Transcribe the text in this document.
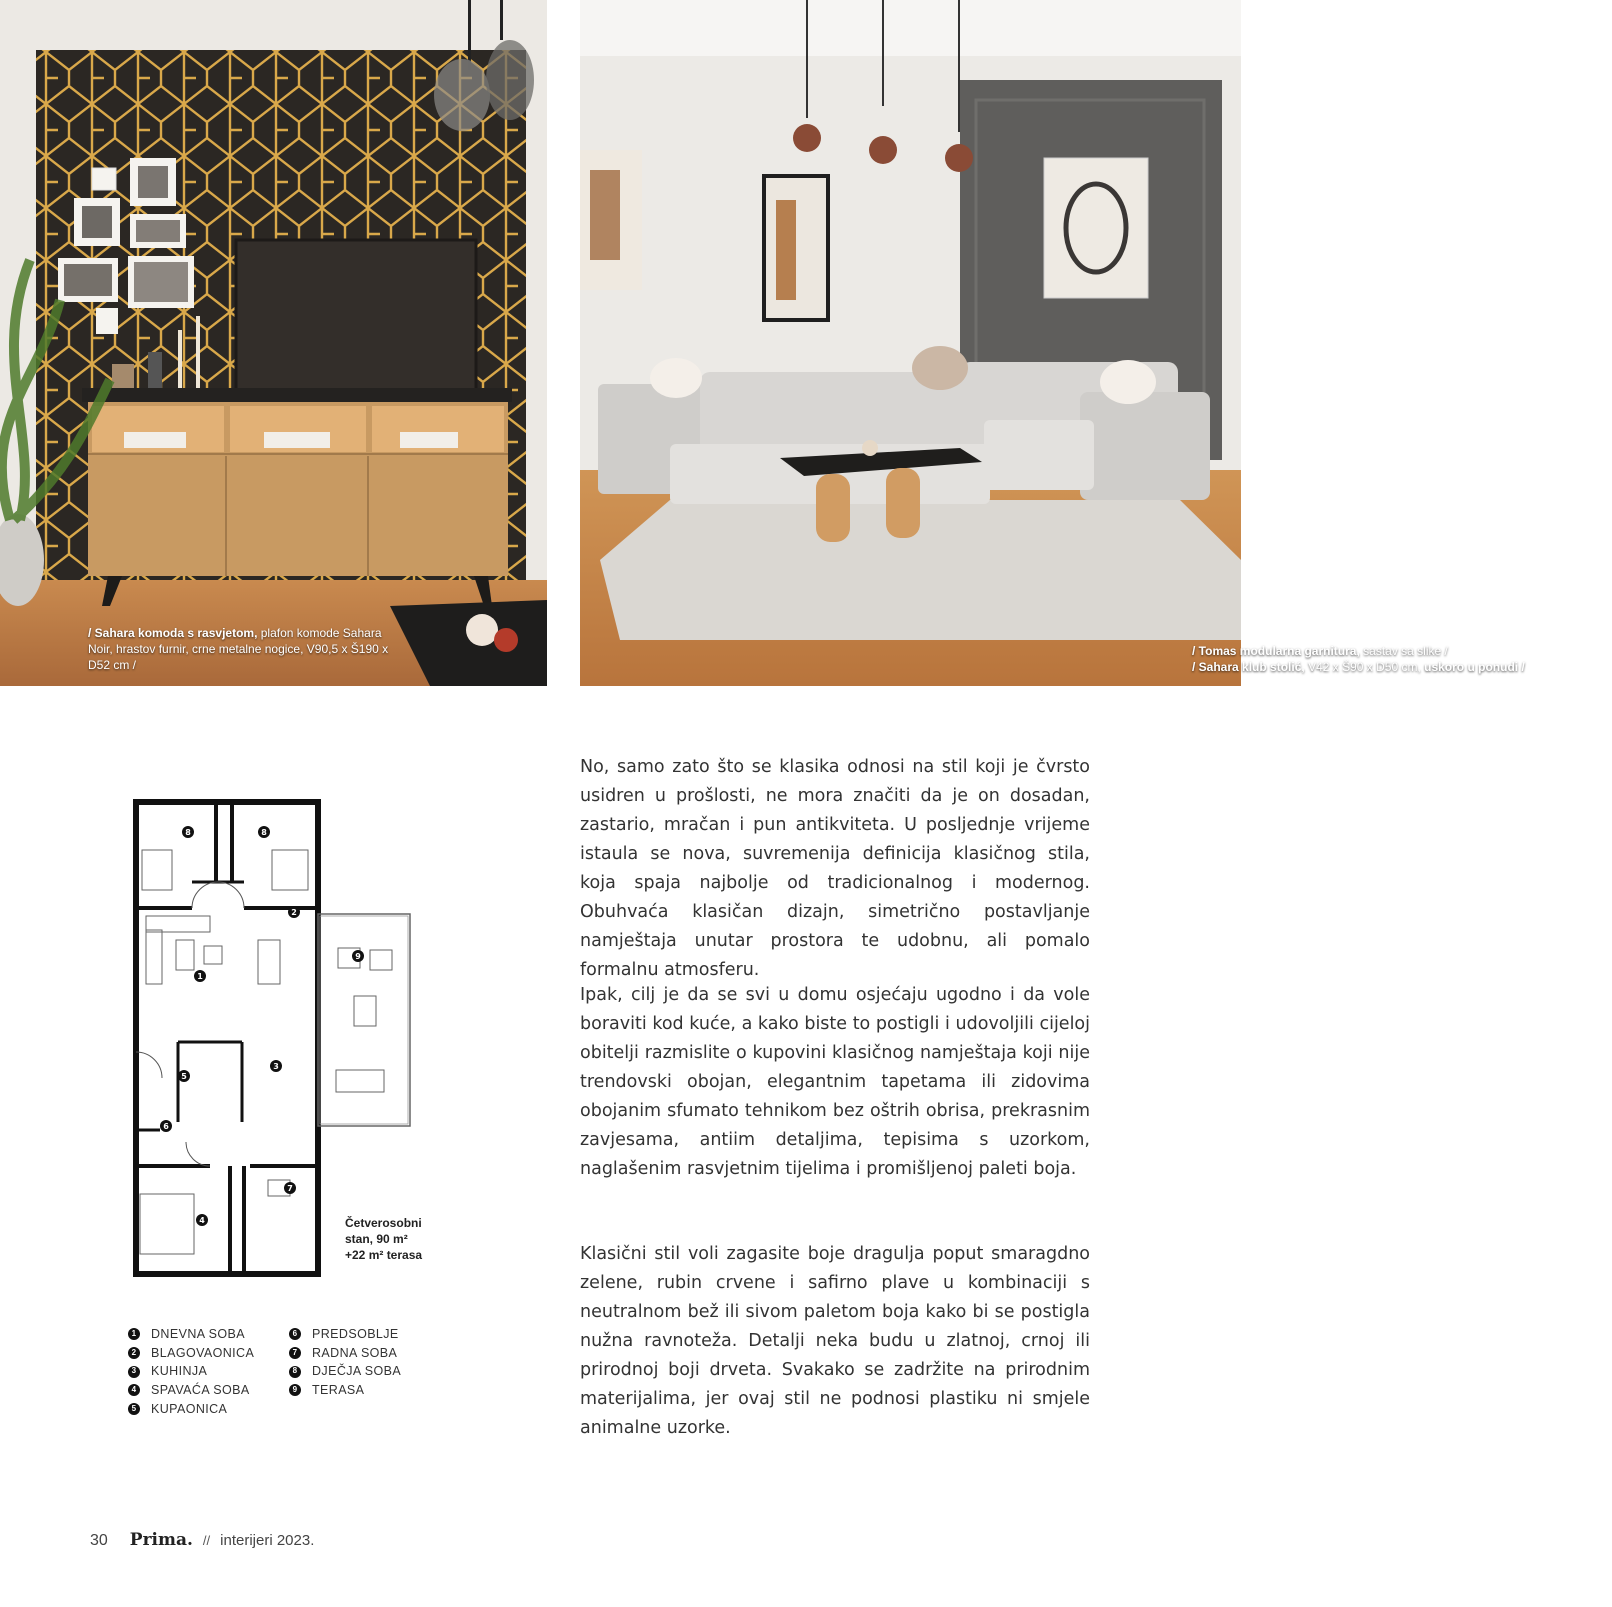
/ Sahara komoda s rasvjetom, plafon komode Sahara Noir, hrastov furnir, crne metalne nogice, V90,5 x Š190 x D52 cm /
/ Tomas modularna garnitura, sastav sa slike /
/ Sahara klub stolić, V42 x Š90 x D50 cm, uskoro u ponudi /
1
2
3
4
5
6
7
8	8
9
Četverosobni
stan, 90 m²
+22 m² terasa
1 DNEVNA SOBA
2 BLAGOVAONICA
3 KUHINJA
4 SPAVAĆA SOBA
5 KUPAONICA
6 PREDSOBLJE
7 RADNA SOBA
8 DJEČJA SOBA
9 TERASA

No, samo zato što se klasika odnosi na stil koji je čvrsto usidren u prošlosti, ne mora značiti da je on dosadan, zastario, mračan i pun antikviteta. U posljednje vrijeme istaula se nova, suvremenija definicija klasičnog stila, koja spaja najbolje od tradicionalnog i modernog. Obuhvaća klasičan dizajn, simetrično postavljanje namještaja unutar prostora te udobnu, ali pomalo formalnu atmosferu.

Ipak, cilj je da se svi u domu osjećaju ugodno i da vole boraviti kod kuće, a kako biste to postigli i udovoljili cijeloj obitelji razmislite o kupovini klasičnog namještaja koji nije trendovski obojan, elegantnim tapetama ili zidovima obojanim sfumato tehnikom bez oštrih obrisa, prekrasnim zavjesama, antiim detaljima, tepisima s uzorkom, naglašenim rasvjetnim tijelima i promišljenoj paleti boja.

Klasični stil voli zagasite boje dragulja poput smaragdno zelene, rubin crvene i safirno plave u kombinaciji s neutralnom bež ili sivom paletom boja kako bi se postigla nužna ravnoteža. Detalji neka budu u zlatnoj, crnoj ili prirodnoj boji drveta. Svakako se zadržite na prirodnim materijalima, jer ovaj stil ne podnosi plastiku ni smjele animalne uzorke.

30 Prima. // interijeri 2023.
